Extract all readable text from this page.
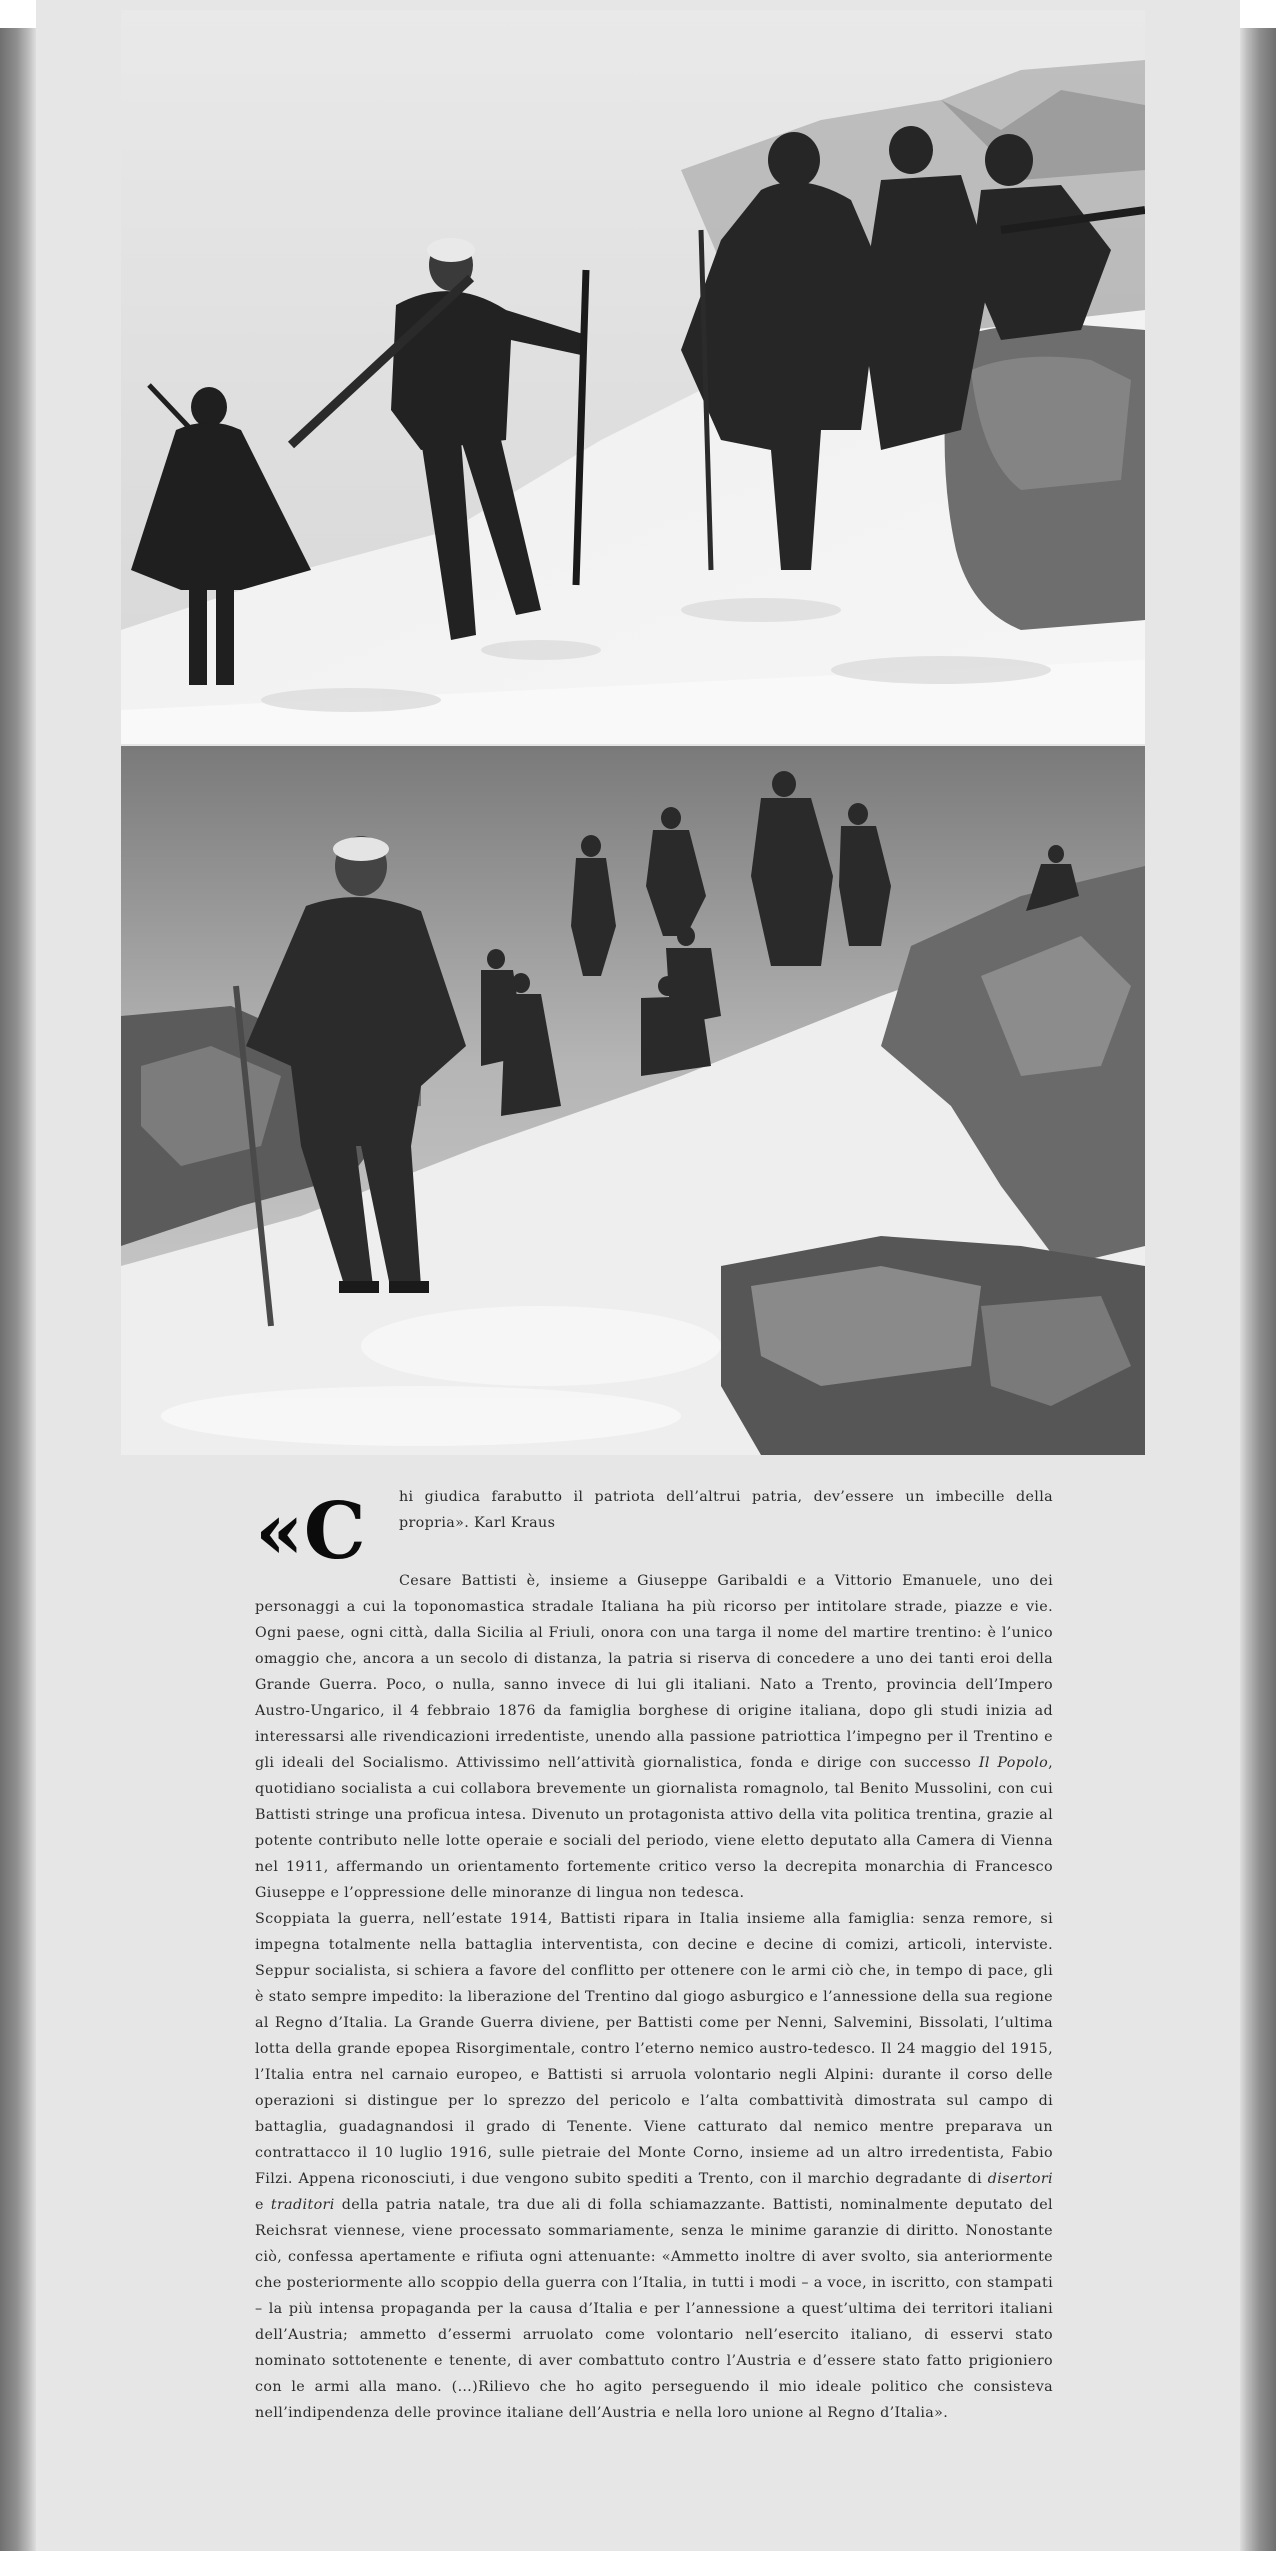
«C hi giudica farabutto il patriota dell’altrui patria, dev’essere un imbecille della propria». Karl Kraus

Cesare Battisti è, insieme a Giuseppe Garibaldi e a Vittorio Emanuele, uno dei personaggi a cui la toponomastica stradale Italiana ha più ricorso per intitolare strade, piazze e vie. Ogni paese, ogni città, dalla Sicilia al Friuli, onora con una targa il nome del martire trentino: è l’unico omaggio che, ancora a un secolo di distanza, la patria si riserva di concedere a uno dei tanti eroi della Grande Guerra. Poco, o nulla, sanno invece di lui gli italiani. Nato a Trento, provincia dell’Impero Austro-Ungarico, il 4 febbraio 1876 da famiglia borghese di origine italiana, dopo gli studi inizia ad interessarsi alle rivendicazioni irredentiste, unendo alla passione patriottica l’impegno per il Trentino e gli ideali del Socialismo. Attivissimo nell’attività giornalistica, fonda e dirige con successo Il Popolo, quotidiano socialista a cui collabora brevemente un giornalista romagnolo, tal Benito Mussolini, con cui Battisti stringe una proficua intesa. Divenuto un protagonista attivo della vita politica trentina, grazie al potente contributo nelle lotte operaie e sociali del periodo, viene eletto deputato alla Camera di Vienna nel 1911, affermando un orientamento fortemente critico verso la decrepita monarchia di Francesco Giuseppe e l’oppressione delle minoranze di lingua non tedesca.

Scoppiata la guerra, nell’estate 1914, Battisti ripara in Italia insieme alla famiglia: senza remore, si impegna totalmente nella battaglia interventista, con decine e decine di comizi, articoli, interviste. Seppur socialista, si schiera a favore del conflitto per ottenere con le armi ciò che, in tempo di pace, gli è stato sempre impedito: la liberazione del Trentino dal giogo asburgico e l’annessione della sua regione al Regno d’Italia. La Grande Guerra diviene, per Battisti come per Nenni, Salvemini, Bissolati, l’ultima lotta della grande epopea Risorgimentale, contro l’eterno nemico austro-tedesco. Il 24 maggio del 1915, l’Italia entra nel carnaio europeo, e Battisti si arruola volontario negli Alpini: durante il corso delle operazioni si distingue per lo sprezzo del pericolo e l’alta combattività dimostrata sul campo di battaglia, guadagnandosi il grado di Tenente. Viene catturato dal nemico mentre preparava un contrattacco il 10 luglio 1916, sulle pietraie del Monte Corno, insieme ad un altro irredentista, Fabio Filzi. Appena riconosciuti, i due vengono subito spediti a Trento, con il marchio degradante di disertori e traditori della patria natale, tra due ali di folla schiamazzante. Battisti, nominalmente deputato del Reichsrat viennese, viene processato sommariamente, senza le minime garanzie di diritto. Nonostante ciò, confessa apertamente e rifiuta ogni attenuante: «Ammetto inoltre di aver svolto, sia anteriormente che posteriormente allo scoppio della guerra con l’Italia, in tutti i modi – a voce, in iscritto, con stampati – la più intensa propaganda per la causa d’Italia e per l’annessione a quest’ultima dei territori italiani dell’Austria; ammetto d’essermi arruolato come volontario nell’esercito italiano, di esservi stato nominato sottotenente e tenente, di aver combattuto contro l’Austria e d’essere stato fatto prigioniero con le armi alla mano. (…)Rilievo che ho agito perseguendo il mio ideale politico che consisteva nell’indipendenza delle province italiane dell’Austria e nella loro unione al Regno d’Italia».
